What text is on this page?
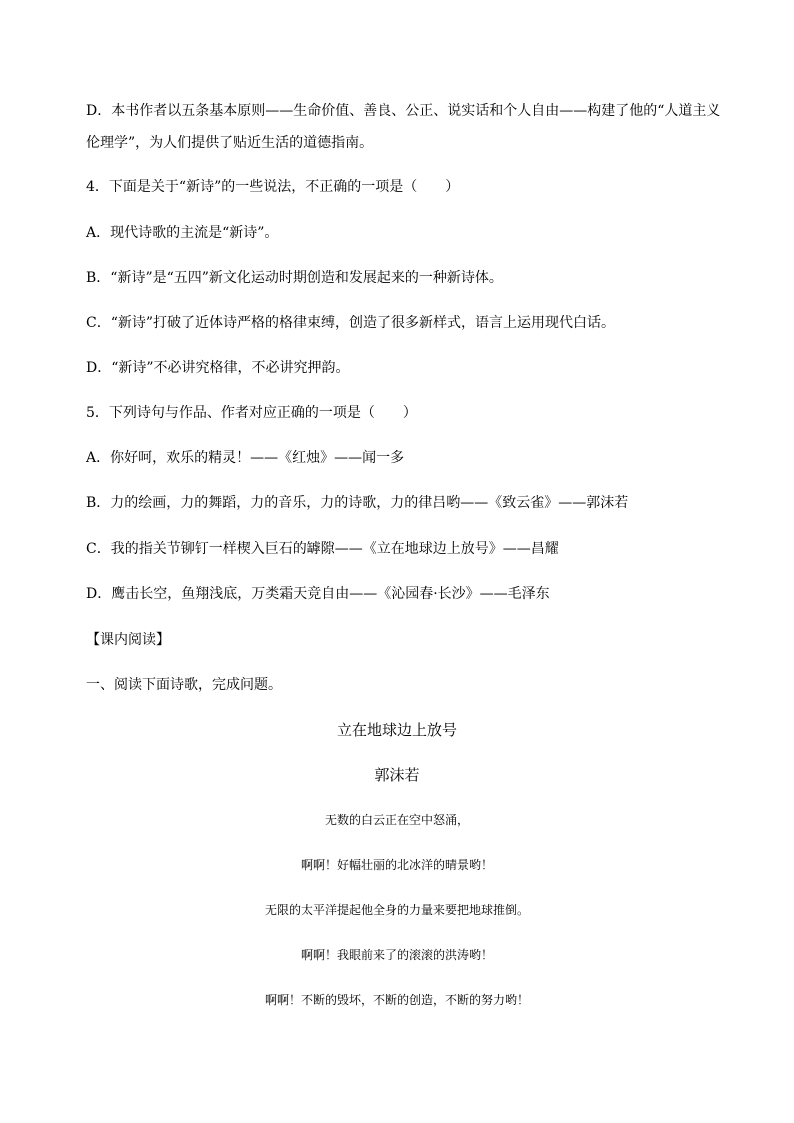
D．本书作者以五条基本原则——生命价值、善良、公正、说实话和个人自由——构建了他的“人道主义
伦理学”，为人们提供了贴近生活的道德指南。
4．下面是关于“新诗”的一些说法，不正确的一项是（　　）
A．现代诗歌的主流是“新诗”。
B．“新诗”是“五四”新文化运动时期创造和发展起来的一种新诗体。
C．“新诗”打破了近体诗严格的格律束缚，创造了很多新样式，语言上运用现代白话。
D．“新诗”不必讲究格律，不必讲究押韵。
5．下列诗句与作品、作者对应正确的一项是（　　）
A．你好呵，欢乐的精灵！——《红烛》——闻一多
B．力的绘画，力的舞蹈，力的音乐，力的诗歌，力的律吕哟——《致云雀》——郭沫若
C．我的指关节铆钉一样楔入巨石的罅隙——《立在地球边上放号》——昌耀
D．鹰击长空，鱼翔浅底，万类霜天竞自由——《沁园春·长沙》——毛泽东
【课内阅读】
一、阅读下面诗歌，完成问题。
立在地球边上放号
郭沫若
无数的白云正在空中怒涌，
啊啊！好幅壮丽的北冰洋的晴景哟！
无限的太平洋提起他全身的力量来要把地球推倒。
啊啊！我眼前来了的滚滚的洪涛哟！
啊啊！不断的毁坏，不断的创造，不断的努力哟！
